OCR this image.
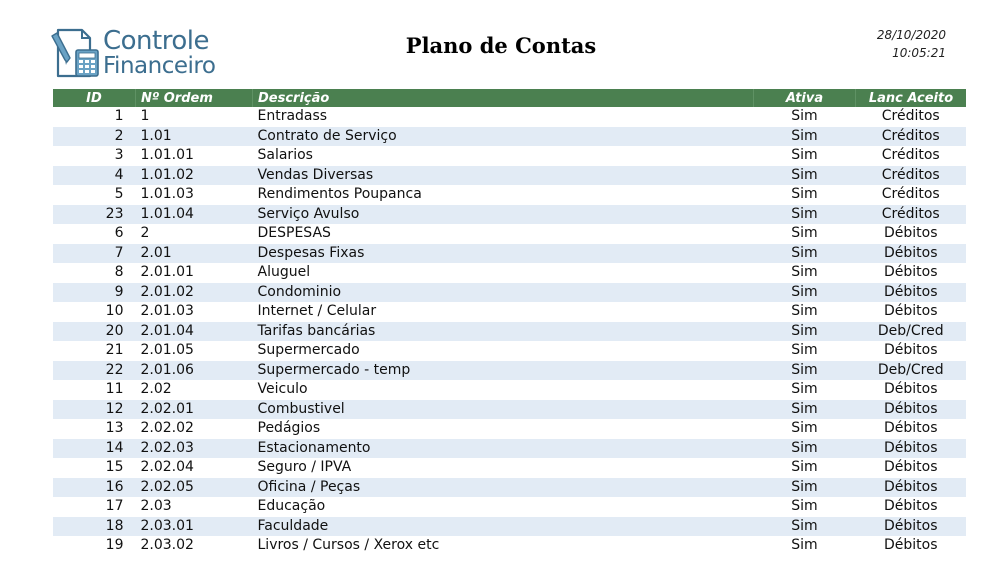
Controle
Financeiro
Plano de Contas	28/10/2020
10:05:21
ID	Nº Ordem	Descrição	Ativa	Lanc Aceito
1	1	Entradass	Sim	Créditos
2	1.01	Contrato de Serviço	Sim	Créditos
3	1.01.01	Salarios	Sim	Créditos
4	1.01.02	Vendas Diversas	Sim	Créditos
5	1.01.03	Rendimentos Poupanca	Sim	Créditos
23	1.01.04	Serviço Avulso	Sim	Créditos
6	2	DESPESAS	Sim	Débitos
7	2.01	Despesas Fixas	Sim	Débitos
8	2.01.01	Aluguel	Sim	Débitos
9	2.01.02	Condominio	Sim	Débitos
10	2.01.03	Internet / Celular	Sim	Débitos
20	2.01.04	Tarifas bancárias	Sim	Deb/Cred
21	2.01.05	Supermercado	Sim	Débitos
22	2.01.06	Supermercado - temp	Sim	Deb/Cred
11	2.02	Veiculo	Sim	Débitos
12	2.02.01	Combustivel	Sim	Débitos
13	2.02.02	Pedágios	Sim	Débitos
14	2.02.03	Estacionamento	Sim	Débitos
15	2.02.04	Seguro / IPVA	Sim	Débitos
16	2.02.05	Oficina / Peças	Sim	Débitos
17	2.03	Educação	Sim	Débitos
18	2.03.01	Faculdade	Sim	Débitos
19	2.03.02	Livros / Cursos / Xerox etc	Sim	Débitos
